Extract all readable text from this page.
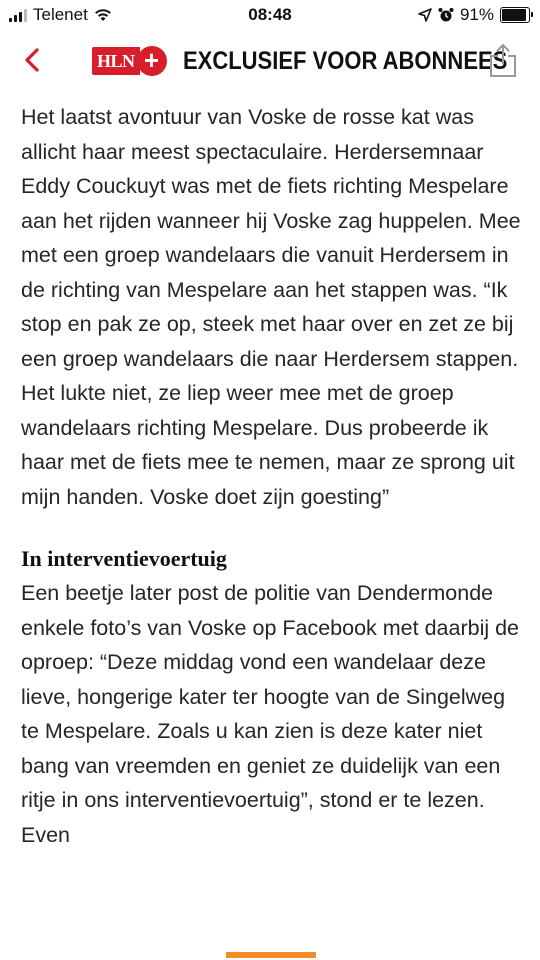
Telenet	08:48	91%
HLN + EXCLUSIEF VOOR ABONNEES

Het laatst avontuur van Voske de rosse kat was allicht haar meest spectaculaire. Herdersemnaar Eddy Couckuyt was met de fiets richting Mespelare aan het rijden wanneer hij Voske zag huppelen. Mee met een groep wandelaars die vanuit Herdersem in de richting van Mespelare aan het stappen was. “Ik stop en pak ze op, steek met haar over en zet ze bij een groep wandelaars die naar Herdersem stappen. Het lukte niet, ze liep weer mee met de groep wandelaars richting Mespelare. Dus probeerde ik haar met de fiets mee te nemen, maar ze sprong uit mijn handen. Voske doet zijn goesting”

In interventievoertuig

Een beetje later post de politie van Dendermonde enkele foto’s van Voske op Facebook met daarbij de oproep: “Deze middag vond een wandelaar deze lieve, hongerige kater ter hoogte van de Singelweg te Mespelare. Zoals u kan zien is deze kater niet bang van vreemden en geniet ze duidelijk van een ritje in ons interventievoertuig”, stond er te lezen. Even
